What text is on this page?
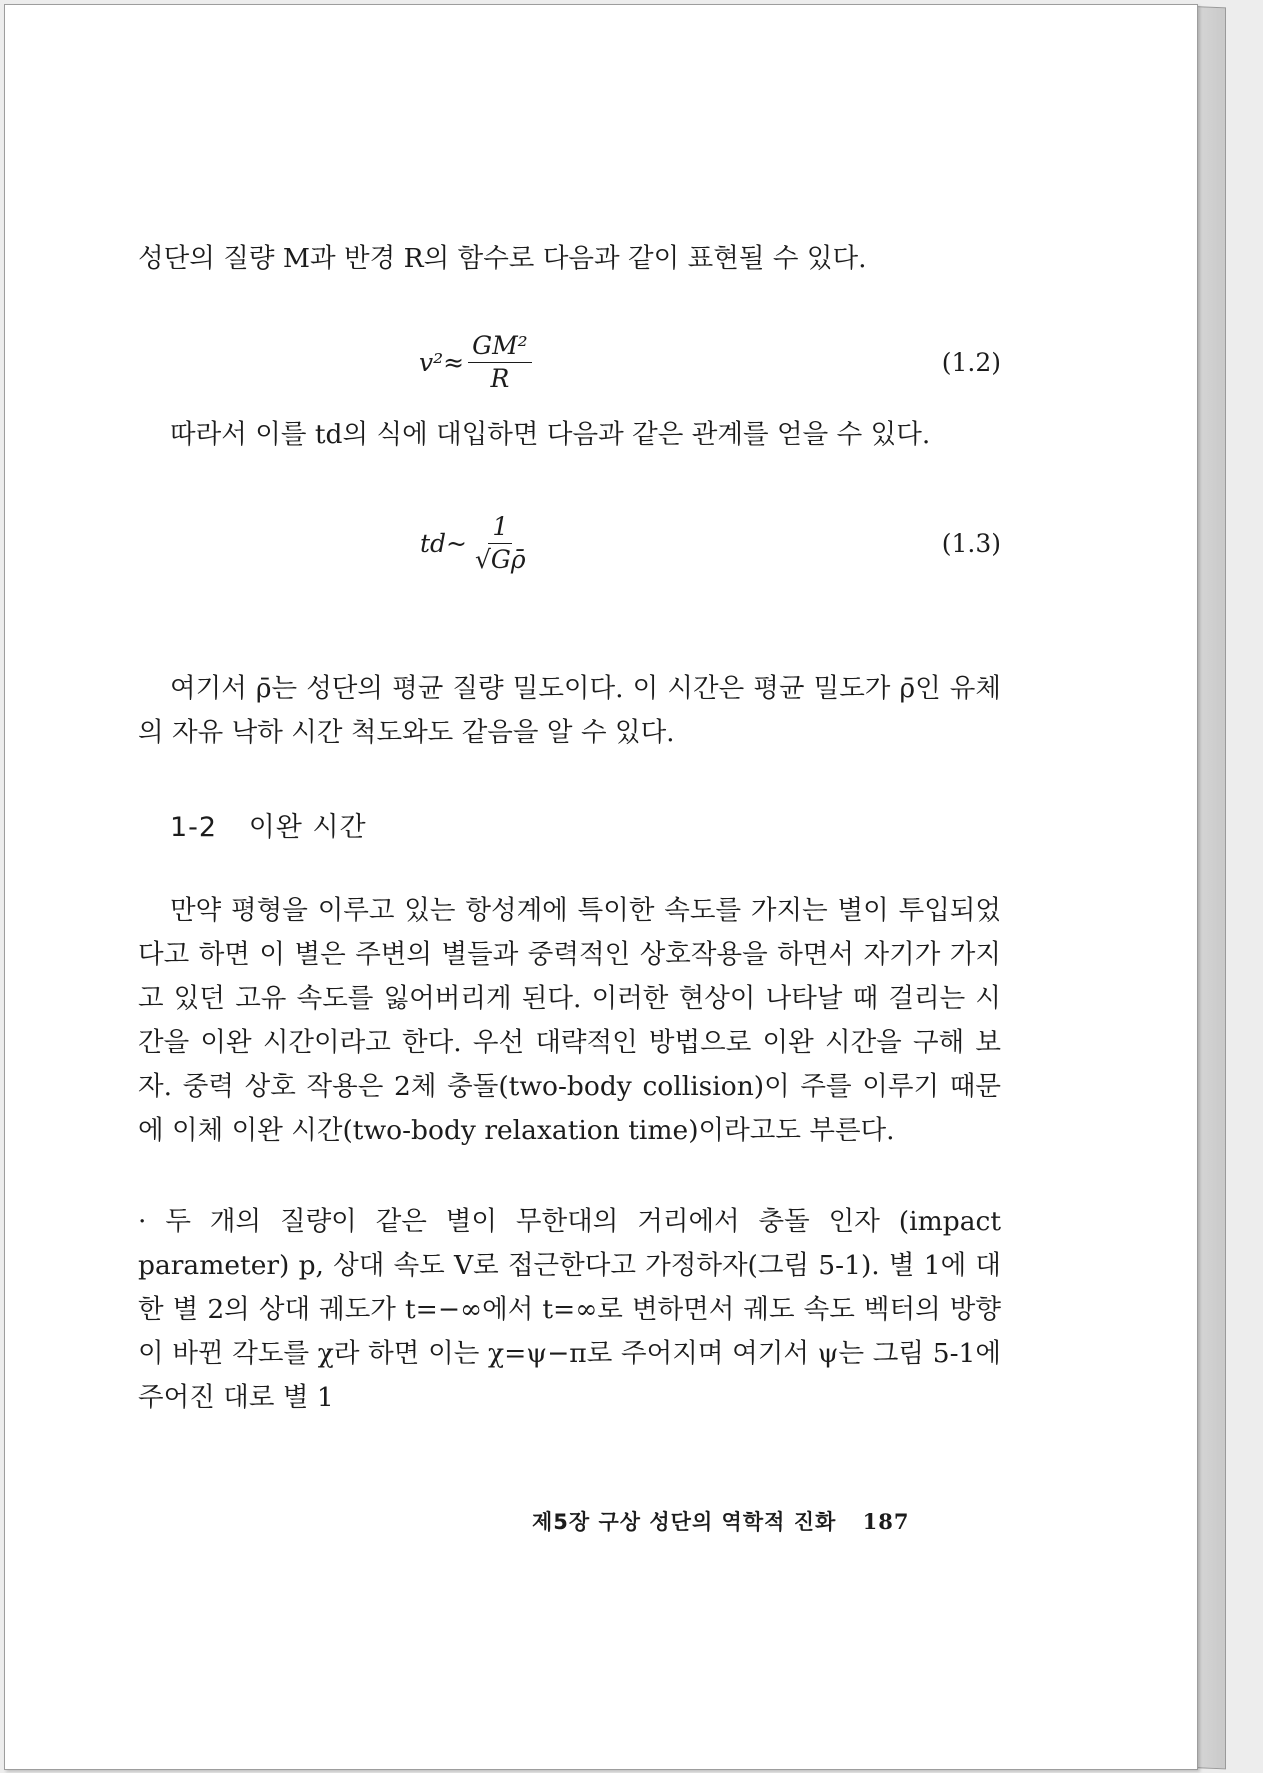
성단의 질량 M과 반경 R의 함수로 다음과 같이 표현될 수 있다.

$v^2\approx \frac{\text{GM²}}{R}$	(1.2)

따라서 이를 td의 식에 대입하면 다음과 같은 관계를 얻을 수 있다.

td~ $\frac{1}{√G\rhō}$	(1.3)

여기서 ρ̄는 성단의 평균 질량 밀도이다. 이 시간은 평균 밀도가 ρ̄인 유체의 자유 낙하 시간 척도와도 같음을 알 수 있다.

1-2 이완 시간

만약 평형을 이루고 있는 항성계에 특이한 속도를 가지는 별이 투입되었다고 하면 이 별은 주변의 별들과 중력적인 상호작용을 하면서 자기가 가지고 있던 고유 속도를 잃어버리게 된다. 이러한 현상이 나타날 때 걸리는 시간을 이완 시간이라고 한다. 우선 대략적인 방법으로 이완 시간을 구해 보자. 중력 상호 작용은 2체 충돌(two-body collision)이 주를 이루기 때문에 이체 이완 시간(two-body relaxation time)이라고도 부른다.

· 두 개의 질량이 같은 별이 무한대의 거리에서 충돌 인자 (impact parameter) p, 상대 속도 V로 접근한다고 가정하자(그림 5-1). 별 1에 대한 별 2의 상대 궤도가 t=−∞에서 t=∞로 변하면서 궤도 속도 벡터의 방향이 바뀐 각도를 χ라 하면 이는 χ=ψ−π로 주어지며 여기서 ψ는 그림 5-1에 주어진 대로 별 1

제5장 구상 성단의 역학적 진화 187
